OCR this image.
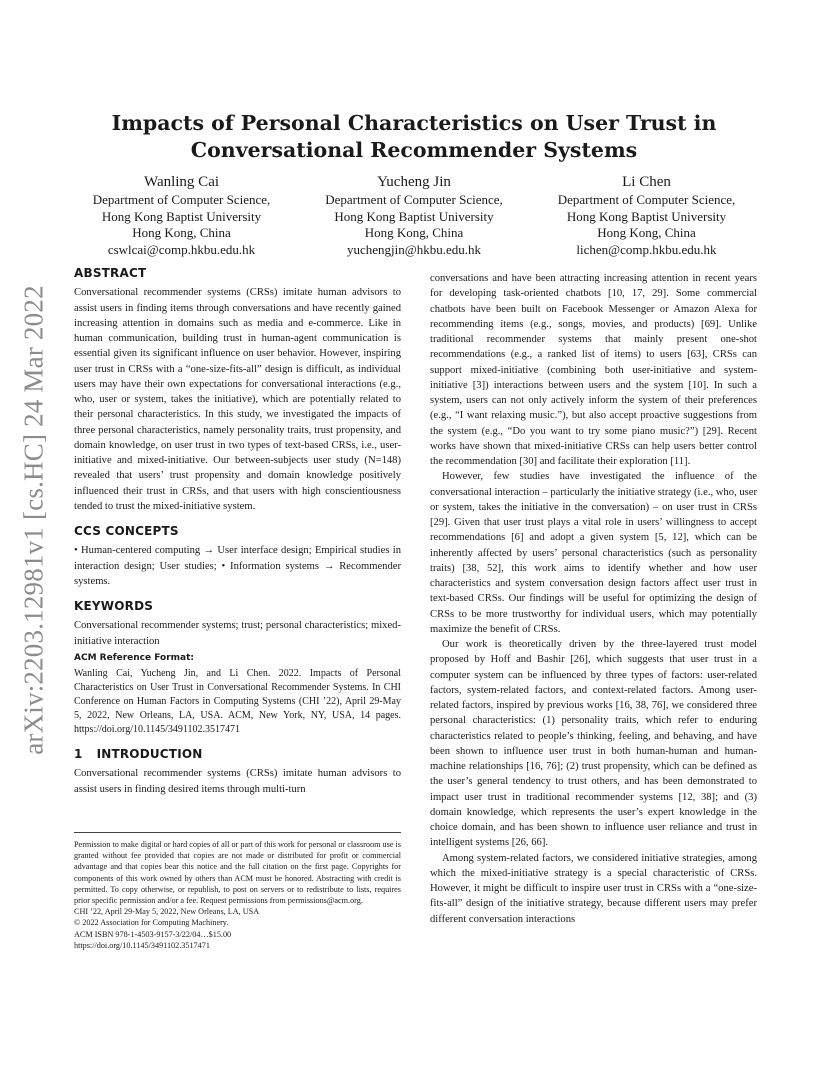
arXiv:2203.12981v1 [cs.HC] 24 Mar 2022
Impacts of Personal Characteristics on User Trust in Conversational Recommender Systems
Wanling Cai
Department of Computer Science,
Hong Kong Baptist University
Hong Kong, China
cswlcai@comp.hkbu.edu.hk
Yucheng Jin
Department of Computer Science,
Hong Kong Baptist University
Hong Kong, China
yuchengjin@hkbu.edu.hk
Li Chen
Department of Computer Science,
Hong Kong Baptist University
Hong Kong, China
lichen@comp.hkbu.edu.hk
ABSTRACT

Conversational recommender systems (CRSs) imitate human advisors to assist users in finding items through conversations and have recently gained increasing attention in domains such as media and e-commerce. Like in human communication, building trust in human-agent communication is essential given its significant influence on user behavior. However, inspiring user trust in CRSs with a “one-size-fits-all” design is difficult, as individual users may have their own expectations for conversational interactions (e.g., who, user or system, takes the initiative), which are potentially related to their personal characteristics. In this study, we investigated the impacts of three personal characteristics, namely personality traits, trust propensity, and domain knowledge, on user trust in two types of text-based CRSs, i.e., user-initiative and mixed-initiative. Our between-subjects user study (N=148) revealed that users’ trust propensity and domain knowledge positively influenced their trust in CRSs, and that users with high conscientiousness tended to trust the mixed-initiative system.

CCS CONCEPTS

• Human-centered computing → User interface design; Empirical studies in interaction design; User studies; • Information systems → Recommender systems.

KEYWORDS

Conversational recommender systems; trust; personal characteristics; mixed-initiative interaction

ACM Reference Format:

Wanling Cai, Yucheng Jin, and Li Chen. 2022. Impacts of Personal Characteristics on User Trust in Conversational Recommender Systems. In CHI Conference on Human Factors in Computing Systems (CHI ’22), April 29-May 5, 2022, New Orleans, LA, USA. ACM, New York, NY, USA, 14 pages. https://doi.org/10.1145/3491102.3517471

1 INTRODUCTION

Conversational recommender systems (CRSs) imitate human advisors to assist users in finding desired items through multi-turn

Permission to make digital or hard copies of all or part of this work for personal or classroom use is granted without fee provided that copies are not made or distributed for profit or commercial advantage and that copies bear this notice and the full citation on the first page. Copyrights for components of this work owned by others than ACM must be honored. Abstracting with credit is permitted. To copy otherwise, or republish, to post on servers or to redistribute to lists, requires prior specific permission and/or a fee. Request permissions from permissions@acm.org.

CHI ’22, April 29-May 5, 2022, New Orleans, LA, USA
© 2022 Association for Computing Machinery.
ACM ISBN 978-1-4503-9157-3/22/04…$15.00
https://doi.org/10.1145/3491102.3517471

conversations and have been attracting increasing attention in recent years for developing task-oriented chatbots [10, 17, 29]. Some commercial chatbots have been built on Facebook Messenger or Amazon Alexa for recommending items (e.g., songs, movies, and products) [69]. Unlike traditional recommender systems that mainly present one-shot recommendations (e.g., a ranked list of items) to users [63], CRSs can support mixed-initiative (combining both user-initiative and system-initiative [3]) interactions between users and the system [10]. In such a system, users can not only actively inform the system of their preferences (e.g., “I want relaxing music.”), but also accept proactive suggestions from the system (e.g., “Do you want to try some piano music?”) [29]. Recent works have shown that mixed-initiative CRSs can help users better control the recommendation [30] and facilitate their exploration [11].

However, few studies have investigated the influence of the conversational interaction – particularly the initiative strategy (i.e., who, user or system, takes the initiative in the conversation) – on user trust in CRSs [29]. Given that user trust plays a vital role in users’ willingness to accept recommendations [6] and adopt a given system [5, 12], which can be inherently affected by users’ personal characteristics (such as personality traits) [38, 52], this work aims to identify whether and how user characteristics and system conversation design factors affect user trust in text-based CRSs. Our findings will be useful for optimizing the design of CRSs to be more trustworthy for individual users, which may potentially maximize the benefit of CRSs.

Our work is theoretically driven by the three-layered trust model proposed by Hoff and Bashir [26], which suggests that user trust in a computer system can be influenced by three types of factors: user-related factors, system-related factors, and context-related factors. Among user-related factors, inspired by previous works [16, 38, 76], we considered three personal characteristics: (1) personality traits, which refer to enduring characteristics related to people’s thinking, feeling, and behaving, and have been shown to influence user trust in both human-human and human-machine relationships [16, 76]; (2) trust propensity, which can be defined as the user’s general tendency to trust others, and has been demonstrated to impact user trust in traditional recommender systems [12, 38]; and (3) domain knowledge, which represents the user’s expert knowledge in the choice domain, and has been shown to influence user reliance and trust in intelligent systems [26, 66].

Among system-related factors, we considered initiative strategies, among which the mixed-initiative strategy is a special characteristic of CRSs. However, it might be difficult to inspire user trust in CRSs with a “one-size-fits-all” design of the initiative strategy, because different users may prefer different conversation interactions
